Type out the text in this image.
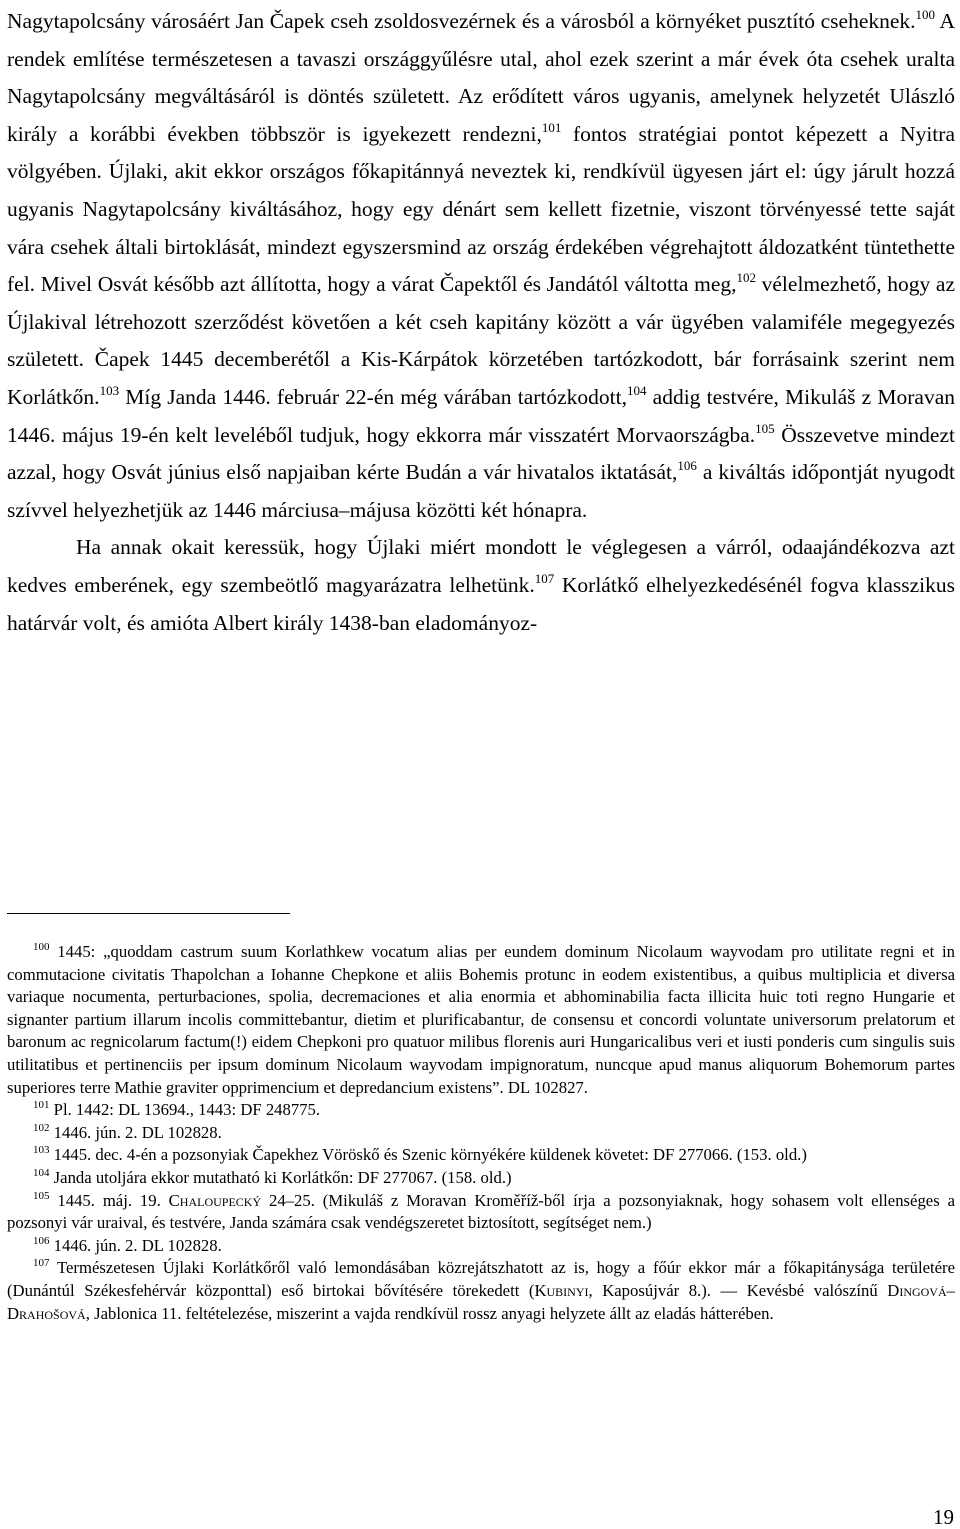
Nagytapolcsány városáért Jan Čapek cseh zsoldosvezérnek és a városból a környéket pusztító cseheknek.$^{100}$ A rendek említése természetesen a tavaszi országgyűlésre utal, ahol ezek szerint a már évek óta csehek uralta Nagytapolcsány megváltásáról is döntés született. Az erődített város ugyanis, amelynek helyzetét Ulászló király a korábbi években többször is igyekezett rendezni,$^{101}$ fontos stratégiai pontot képezett a Nyitra völgyében. Újlaki, akit ekkor országos főkapitánnyá neveztek ki, rendkívül ügyesen járt el: úgy járult hozzá ugyanis Nagytapolcsány kiváltásához, hogy egy dénárt sem kellett fizetnie, viszont törvényessé tette saját vára csehek általi birtoklását, mindezt egyszersmind az ország érdekében végrehajtott áldozatként tüntethette fel. Mivel Osvát később azt állította, hogy a várat Čapektől és Jandától váltotta meg,$^{102}$ vélelmezhető, hogy az Újlakival létrehozott szerződést követően a két cseh kapitány között a vár ügyében valamiféle megegyezés született. Čapek 1445 decemberétől a Kis-Kárpátok körzetében tartózkodott, bár forrásaink szerint nem Korlátkőn.$^{103}$ Míg Janda 1446. február 22-én még várában tartózkodott,$^{104}$ addig testvére, Mikuláš z Moravan 1446. május 19-én kelt leveléből tudjuk, hogy ekkorra már visszatért Morvaországba.$^{105}$ Összevetve mindezt azzal, hogy Osvát június első napjaiban kérte Budán a vár hivatalos iktatását,$^{106}$ a kiváltás időpontját nyugodt szívvel helyezhetjük az 1446 márciusa–májusa közötti két hónapra.

Ha annak okait keressük, hogy Újlaki miért mondott le véglegesen a várról, odaajándékozva azt kedves emberének, egy szembeötlő magyarázatra lelhetünk.$^{107}$ Korlátkő elhelyezkedésénél fogva klasszikus határvár volt, és amióta Albert király 1438-ban eladományoz-

$^{100}$ 1445: „quoddam castrum suum Korlathkew vocatum alias per eundem dominum Nicolaum wayvodam pro utilitate regni et in commutacione civitatis Thapolchan a Iohanne Chepkone et aliis Bohemis protunc in eodem existentibus, a quibus multiplicia et diversa variaque nocumenta, perturbaciones, spolia, decremaciones et alia enormia et abhominabilia facta illicita huic toti regno Hungarie et signanter partium illarum incolis committebantur, dietim et plurificabantur, de consensu et concordi voluntate universorum prelatorum et baronum ac regnicolarum factum(!) eidem Chepkoni pro quatuor milibus florenis auri Hungaricalibus veri et iusti ponderis cum singulis suis utilitatibus et pertinenciis per ipsum dominum Nicolaum wayvodam impignoratum, nuncque apud manus aliquorum Bohemorum partes superiores terre Mathie graviter opprimencium et depredancium existens”. DL 102827.

$^{101}$ Pl. 1442: DL 13694., 1443: DF 248775.

$^{102}$ 1446. jún. 2. DL 102828.

$^{103}$ 1445. dec. 4-én a pozsonyiak Čapekhez Vöröskő és Szenic környékére küldenek követet: DF 277066. (153. old.)

$^{104}$ Janda utoljára ekkor mutatható ki Korlátkőn: DF 277067. (158. old.)

$^{105}$ 1445. máj. 19. Chaloupecký 24–25. (Mikuláš z Moravan Kroměříž-ből írja a pozsonyiaknak, hogy sohasem volt ellenséges a pozsonyi vár uraival, és testvére, Janda számára csak vendégszeretet biztosított, segítséget nem.)

$^{106}$ 1446. jún. 2. DL 102828.

$^{107}$ Természetesen Újlaki Korlátkőről való lemondásában közrejátszhatott az is, hogy a főúr ekkor már a főkapitánysága területére (Dunántúl Székesfehérvár központtal) eső birtokai bővítésére törekedett (Kubinyi, Kaposújvár 8.). — Kevésbé valószínű Dingová–Drahošová, Jablonica 11. feltételezése, miszerint a vajda rendkívül rossz anyagi helyzete állt az eladás hátterében.

19
